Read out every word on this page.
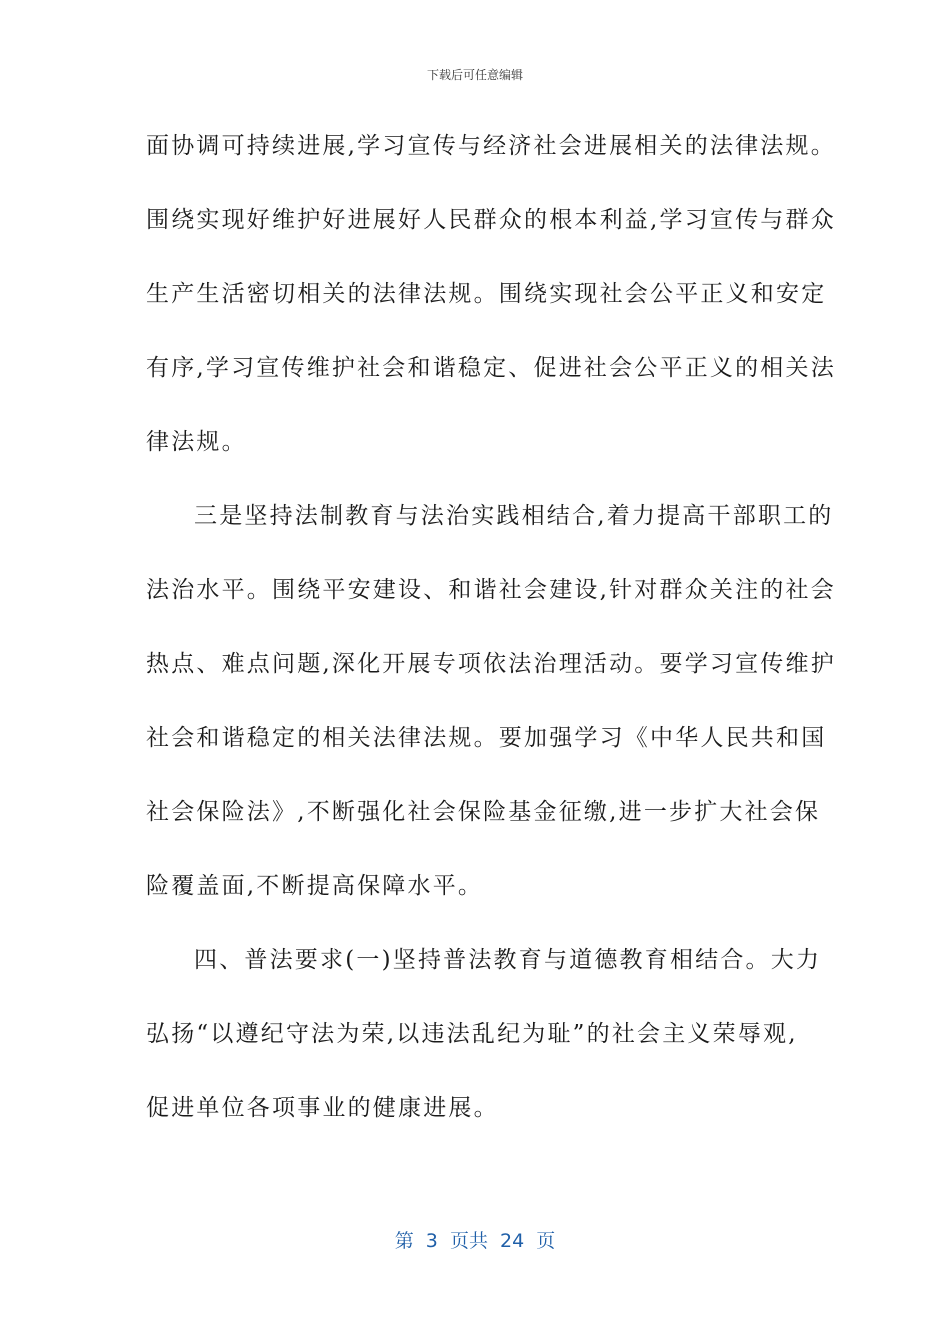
下载后可任意编辑
面协调可持续进展,学习宣传与经济社会进展相关的法律法规。
围绕实现好维护好进展好人民群众的根本利益,学习宣传与群众
生产生活密切相关的法律法规。围绕实现社会公平正义和安定
有序,学习宣传维护社会和谐稳定、促进社会公平正义的相关法
律法规。
三是坚持法制教育与法治实践相结合,着力提高干部职工的
法治水平。围绕平安建设、和谐社会建设,针对群众关注的社会
热点、难点问题,深化开展专项依法治理活动。要学习宣传维护
社会和谐稳定的相关法律法规。要加强学习《中华人民共和国
社会保险法》,不断强化社会保险基金征缴,进一步扩大社会保
险覆盖面,不断提高保障水平。
四、普法要求(一)坚持普法教育与道德教育相结合。大力
弘扬“以遵纪守法为荣,以违法乱纪为耻”的社会主义荣辱观,
促进单位各项事业的健康进展。
第  3  页共  24  页
